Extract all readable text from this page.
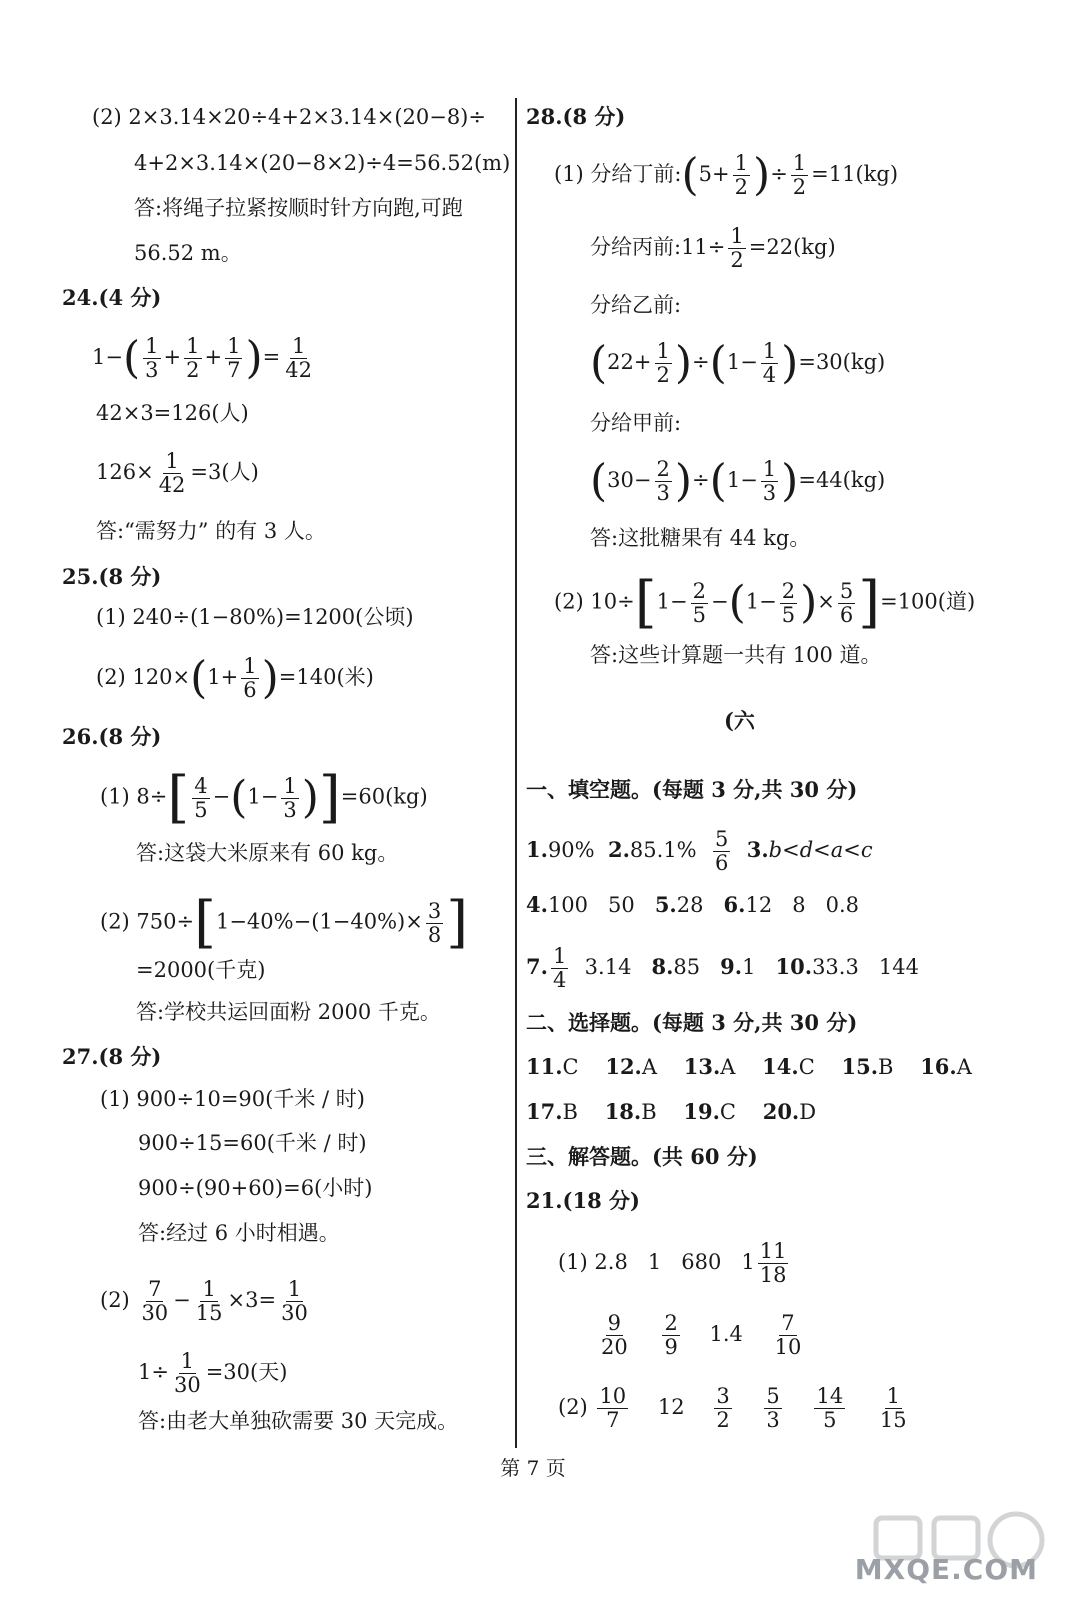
(2) 2×3.14×20÷4+2×3.14×(20−8)÷
4+2×3.14×(20−8×2)÷4=56.52(m)
答:将绳子拉紧按顺时针方向跑,可跑
56.52 m。
24.(4 分)
$1-( \frac{1}{3} + \frac{1}{2} + \frac{1}{7}$ )= $\frac{1}{42}$
42×3=126(人)
$126\times \frac{1}{42} =3$(人)
答:“需努力” 的有 3 人。
25.(8 分)
(1) 240÷(1−80%)=1200(公顷)
(2) $120\times(1+ \frac{1}{6} )=140$(米)
26.(8 分)
(1) $8\div[ \frac{4}{5} -(1- \frac{1}{3} )]=60(kg)$
答:这袋大米原来有 60 kg。
(2) $750\div[1-40\%-(1-40\%)\times \frac{3}{8}$ ]
=2000(千克)
答:学校共运回面粉 2000 千克。
27.(8 分)
(1) 900÷10=90(千米 / 时)
900÷15=60(千米 / 时)
900÷(90+60)=6(小时)
答:经过 6 小时相遇。
$(2) \frac{7}{30} - \frac{1}{15} \times 3= \frac{1}{30}$
$1\div \frac{1}{30} =30$(天)
答:由老大单独砍需要 30 天完成。
28.(8 分)
(1) 分给丁前:(5+ $\frac{1}{2}$ )÷ $\frac{1}{2} =11(kg)$
分给丙前:11÷ $\frac{1}{2} =22(kg)$
分给乙前:
$(22+ \frac{1}{2} )\div(1- \frac{1}{4} )=30(kg)$
分给甲前:
$(30- \frac{2}{3} )\div(1- \frac{1}{3} )=44(kg)$
答:这批糖果有 44 kg。
(2) $10\div[1- \frac{2}{5} -(1- \frac{2}{5}$ )× $\frac{5}{6} ]=100$(道)
答:这些计算题一共有 100 道。
(六
一、填空题。(每题 3 分,共 30 分)
1.90% $2.85.1\% \frac{5}{6} 3.b<d<a<c$
4.100   50 5.28 6.12   8   0.8
7. $\frac{1}{4} 3.14$ 8.85 9.1 10.33.3   144
二、选择题。(每题 3 分,共 30 分)
11.C 12.A 13.A 14.C 15.B 16.A
17.B 18.B 19.C 20.D
三、解答题。(共 60 分)
21.(18 分)
(1) 2.8   1   680   $1 \frac{11}{18}$
$\frac{9}{20}$
$\frac{2}{9} 1.4 \frac{7}{10}$
$(2) \frac{10}{7} 12 \frac{3}{2}$
$\frac{5}{3}$
$\frac{14}{5}$
$\frac{1}{15}$
第 7 页
MXQE.COM
